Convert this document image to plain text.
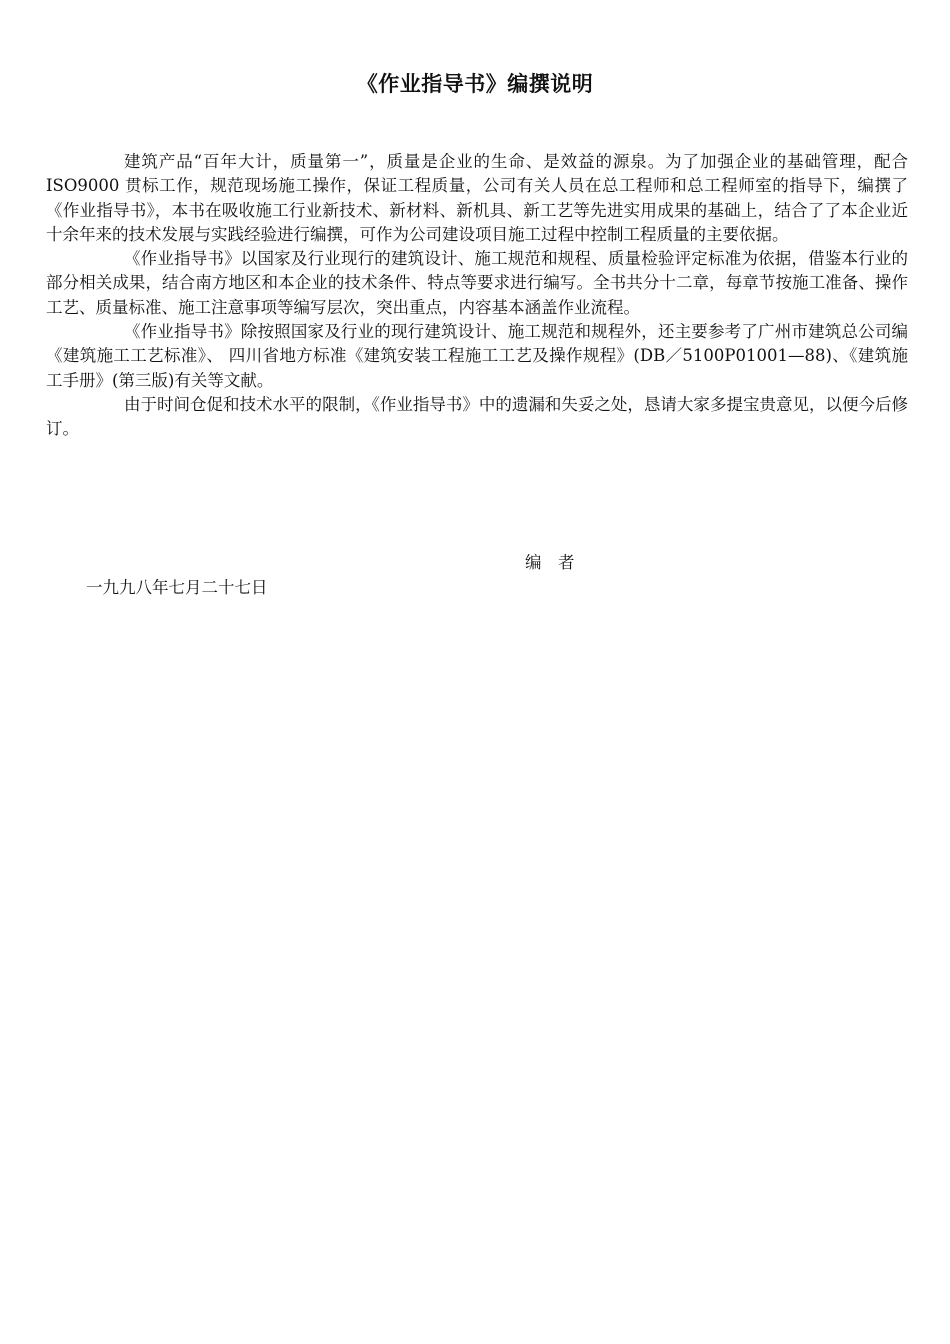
《作业指导书》编撰说明

建筑产品“百年大计，质量第一”，质量是企业的生命、是效益的源泉。为了加强企业的基础管理，配合 ISO9000 贯标工作，规范现场施工操作，保证工程质量，公司有关人员在总工程师和总工程师室的指导下，编撰了《作业指导书》，本书在吸收施工行业新技术、新材料、新机具、新工艺等先进实用成果的基础上，结合了了本企业近十余年来的技术发展与实践经验进行编撰，可作为公司建设项目施工过程中控制工程质量的主要依据。

《作业指导书》以国家及行业现行的建筑设计、施工规范和规程、质量检验评定标准为依据，借鉴本行业的部分相关成果，结合南方地区和本企业的技术条件、特点等要求进行编写。全书共分十二章，每章节按施工准备、操作工艺、质量标准、施工注意事项等编写层次，突出重点，内容基本涵盖作业流程。

《作业指导书》除按照国家及行业的现行建筑设计、施工规范和规程外，还主要参考了广州市建筑总公司编《建筑施工工艺标准》、 四川省地方标准《建筑安装工程施工工艺及操作规程》(DB／5100P01001—88)、《建筑施工手册》(第三版)有关等文献。

由于时间仓促和技术水平的限制，《作业指导书》中的遗漏和失妥之处，恳请大家多提宝贵意见，以便今后修订。

编　者
一九九八年七月二十七日
